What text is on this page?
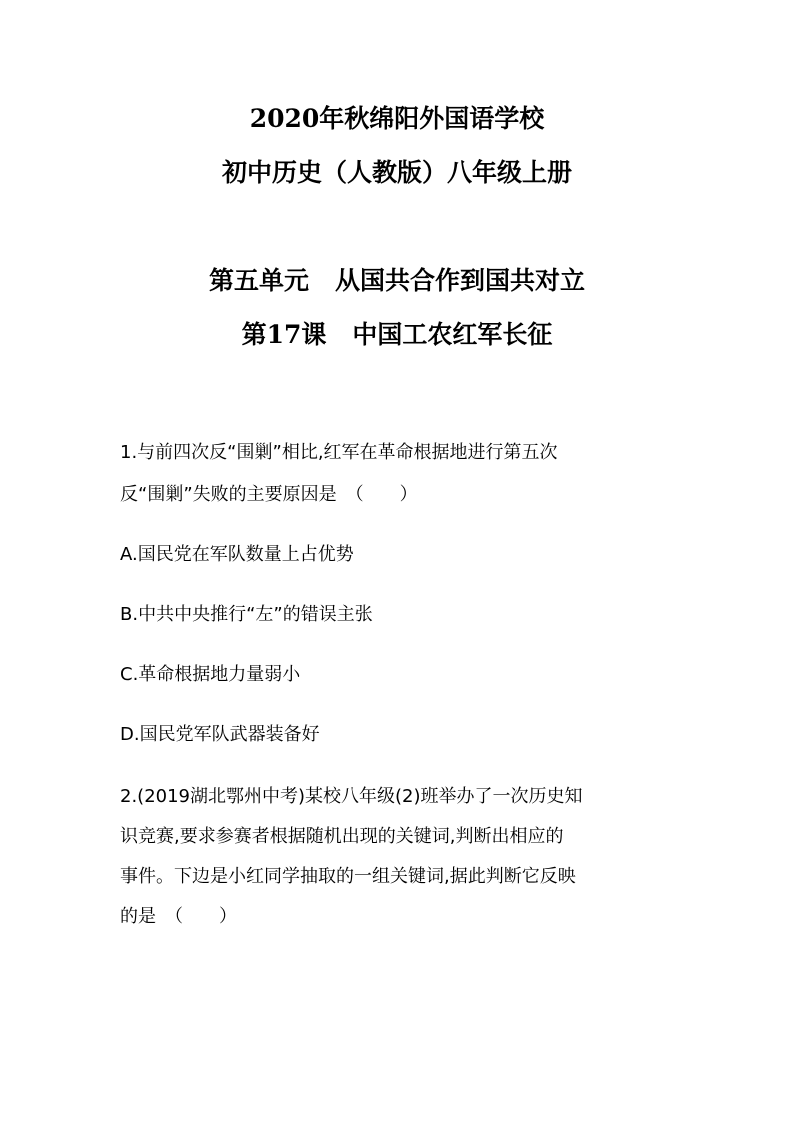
2020年秋绵阳外国语学校
初中历史（人教版）八年级上册
第五单元 从国共合作到国共对立
第17课 中国工农红军长征
1.与前四次反“围剿”相比,红军在革命根据地进行第五次
反“围剿”失败的主要原因是　（　　）
A.国民党在军队数量上占优势
B.中共中央推行“左”的错误主张
C.革命根据地力量弱小
D.国民党军队武器装备好
2.(2019湖北鄂州中考)某校八年级(2)班举办了一次历史知
识竞赛,要求参赛者根据随机出现的关键词,判断出相应的
事件。下边是小红同学抽取的一组关键词,据此判断它反映
的是　（　　）
